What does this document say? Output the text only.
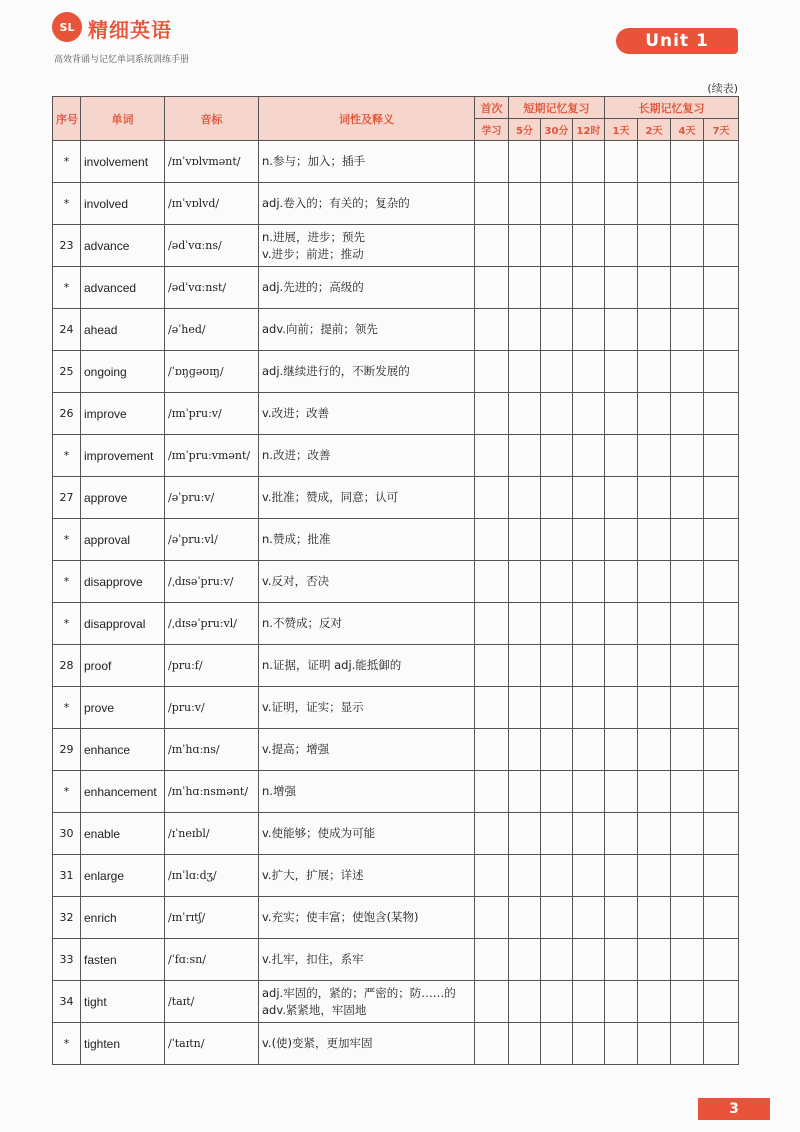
SL 精细英语
高效背诵与记忆单词系统训练手册
Unit 1
(续表)
序号	单词	音标	词性及释义	首次	短期记忆复习			长期记忆复习			
				学习	5分	30分	12时	1天	2天	4天	7天
*	involvement	/ɪnˈvɒlvmənt/	n.参与；加入；插手								

*	involved	/ɪnˈvɒlvd/	adj.卷入的；有关的；复杂的								

23	advance	/ədˈvɑːns/	n.进展，进步；预先
v.进步；前进；推动								

*	advanced	/ədˈvɑːnst/	adj.先进的；高级的								

24	ahead	/əˈhed/	adv.向前；提前；领先								

25	ongoing	/ˈɒŋɡəʊɪŋ/	adj.继续进行的，不断发展的								

26	improve	/ɪmˈpruːv/	v.改进；改善								

*	improvement	/ɪmˈpruːvmənt/	n.改进；改善								

27	approve	/əˈpruːv/	v.批准；赞成，同意；认可								

*	approval	/əˈpruːvl/	n.赞成；批准								

*	disapprove	/ˌdɪsəˈpruːv/	v.反对，否决								

*	disapproval	/ˌdɪsəˈpruːvl/	n.不赞成；反对								

28	proof	/pruːf/	n.证据，证明 adj.能抵御的								

*	prove	/pruːv/	v.证明，证实；显示								

29	enhance	/ɪnˈhɑːns/	v.提高；增强								

*	enhancement	/ɪnˈhɑːnsmənt/	n.增强								

30	enable	/ɪˈneɪbl/	v.使能够；使成为可能								

31	enlarge	/ɪnˈlɑːdʒ/	v.扩大，扩展；详述								

32	enrich	/ɪnˈrɪtʃ/	v.充实；使丰富；使饱含(某物)								

33	fasten	/ˈfɑːsn/	v.扎牢，扣住，系牢								

34	tight	/taɪt/	adj.牢固的，紧的；严密的；防……的
adv.紧紧地，牢固地								

*	tighten	/ˈtaɪtn/	v.(使)变紧，更加牢固								

3
